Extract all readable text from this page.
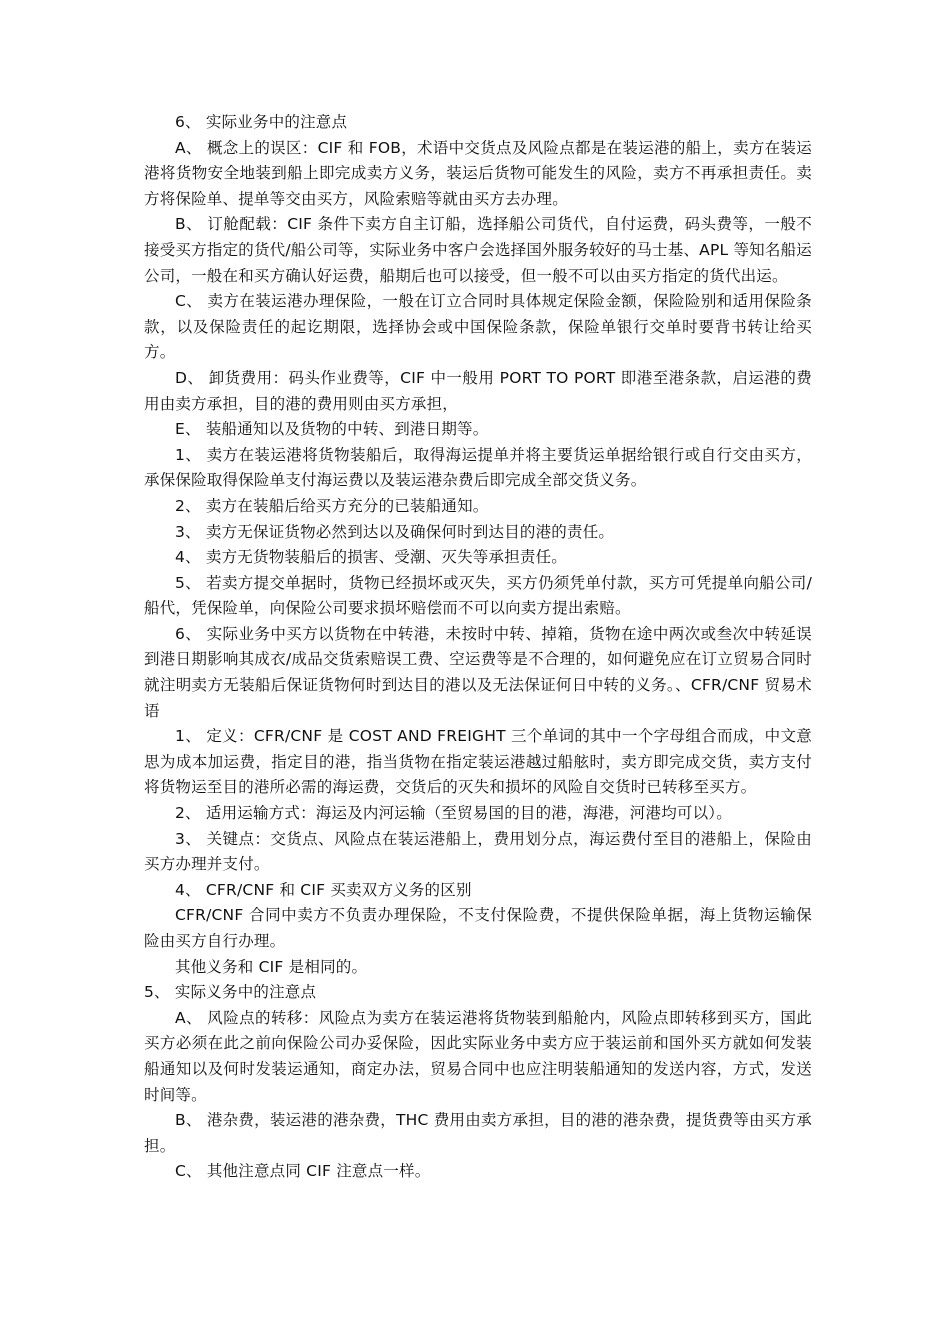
6、 实际业务中的注意点

A、 概念上的误区：CIF 和 FOB，术语中交货点及风险点都是在装运港的船上，卖方在装运港将货物安全地装到船上即完成卖方义务，装运后货物可能发生的风险，卖方不再承担责任。卖方将保险单、提单等交由买方，风险索赔等就由买方去办理。

B、 订舱配载：CIF 条件下卖方自主订船，选择船公司货代，自付运费，码头费等，一般不接受买方指定的货代/船公司等，实际业务中客户会选择国外服务较好的马士基、APL 等知名船运公司，一般在和买方确认好运费，船期后也可以接受，但一般不可以由买方指定的货代出运。

C、 卖方在装运港办理保险，一般在订立合同时具体规定保险金额，保险险别和适用保险条款，以及保险责任的起讫期限，选择协会或中国保险条款，保险单银行交单时要背书转让给买方。

D、 卸货费用：码头作业费等，CIF 中一般用 PORT TO PORT 即港至港条款，启运港的费用由卖方承担，目的港的费用则由买方承担，

E、 装船通知以及货物的中转、到港日期等。

1、 卖方在装运港将货物装船后，取得海运提单并将主要货运单据给银行或自行交由买方，承保保险取得保险单支付海运费以及装运港杂费后即完成全部交货义务。

2、 卖方在装船后给买方充分的已装船通知。

3、 卖方无保证货物必然到达以及确保何时到达目的港的责任。

4、 卖方无货物装船后的损害、受潮、灭失等承担责任。

5、 若卖方提交单据时，货物已经损坏或灭失，买方仍须凭单付款，买方可凭提单向船公司/船代，凭保险单，向保险公司要求损坏赔偿而不可以向卖方提出索赔。

6、 实际业务中买方以货物在中转港，未按时中转、掉箱，货物在途中两次或叁次中转延误到港日期影响其成衣/成品交货索赔误工费、空运费等是不合理的，如何避免应在订立贸易合同时就注明卖方无装船后保证货物何时到达目的港以及无法保证何日中转的义务。、CFR/CNF 贸易术语

1、 定义：CFR/CNF 是 COST AND FREIGHT 三个单词的其中一个字母组合而成，中文意思为成本加运费，指定目的港，指当货物在指定装运港越过船舷时，卖方即完成交货，卖方支付将货物运至目的港所必需的海运费，交货后的灭失和损坏的风险自交货时已转移至买方。

2、 适用运输方式：海运及内河运输（至贸易国的目的港，海港，河港均可以）。

3、 关键点：交货点、风险点在装运港船上，费用划分点，海运费付至目的港船上，保险由买方办理并支付。

4、 CFR/CNF 和 CIF 买卖双方义务的区别

CFR/CNF 合同中卖方不负责办理保险，不支付保险费，不提供保险单据，海上货物运输保险由买方自行办理。

其他义务和 CIF 是相同的。

5、 实际义务中的注意点

A、 风险点的转移：风险点为卖方在装运港将货物装到船舱内，风险点即转移到买方，国此买方必须在此之前向保险公司办妥保险，因此实际业务中卖方应于装运前和国外买方就如何发装船通知以及何时发装运通知，商定办法，贸易合同中也应注明装船通知的发送内容，方式，发送时间等。

B、 港杂费，装运港的港杂费，THC 费用由卖方承担，目的港的港杂费，提货费等由买方承担。

C、 其他注意点同 CIF 注意点一样。
